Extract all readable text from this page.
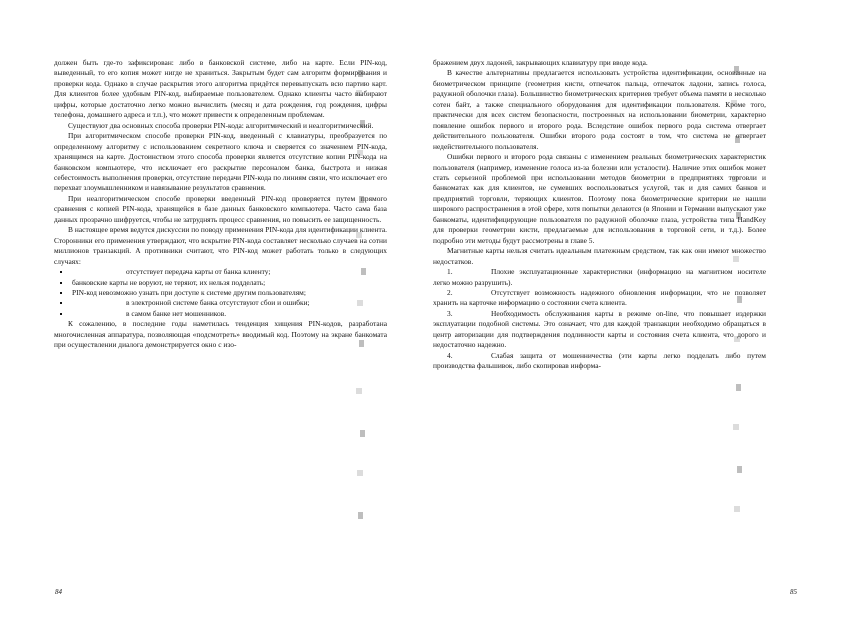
должен быть где-то зафиксирован: либо в банковской системе, либо на карте. Если PIN-код, выведенный, то его копия может нигде не храниться. Закрытым будет сам алгоритм формирования и проверки кода. Однако в случае раскрытия этого алгоритма придётся перевыпускать всю партию карт. Для клиентов более удобным PIN-код, выбираемые пользователем. Однако клиенты часто выбирают цифры, которые достаточно легко можно вычислить (месяц и дата рождения, год рождения, цифры телефона, домашнего адреса и т.п.), что может привести к определенным проблемам.

Существуют два основных способа проверки PIN-кода: алгоритмический и неалгоритмический.

При алгоритмическом способе проверки PIN-код, введенный с клавиатуры, преобразуется по определенному алгоритму с использованием секретного ключа и сверяется со значением PIN-кода, хранящимся на карте. Достоинством этого способа проверки является отсутствие копии PIN-кода на банковском компьютере, что исключает его раскрытие персоналом банка, быстрота и низкая себестоимость выполнения проверки, отсутствие передачи PIN-кода по линиям связи, что исключает его перехват злоумышленником и навязывание результатов сравнения.

При неалгоритмическом способе проверки введенный PIN-код проверяется путем прямого сравнения с копией PIN-кода, хранящейся в базе данных банковского компьютера. Часто сама база данных прозрачно шифруется, чтобы не затруднять процесс сравнения, но повысить ее защищенность.

В настоящее время ведутся дискуссии по поводу применения PIN-кода для идентификации клиента. Сторонники его применения утверждают, что вскрытие PIN-кода составляет несколько случаев на сотни миллионов транзакций. А противники считают, что PIN-код может работать только в следующих случаях:

отсутствует передача карты от банка клиенту;
банковские карты не воруют, не теряют, их нельзя подделать;
PIN-код невозможно узнать при доступе к системе другим пользователям;
в электронной системе банка отсутствуют сбои и ошибки;
в самом банке нет мошенников.

К сожалению, в последние годы наметилась тенденция хищения PIN-кодов, разработана многочисленная аппаратура, позволяющая «подсмотреть» вводимый код. Поэтому на экране банкомата при осуществлении диалога демонстрируется окно с изо-

бражением двух ладоней, закрывающих клавиатуру при вводе кода.

В качестве альтернативы предлагается использовать устройства идентификации, основанные на биометрическом принципе (геометрия кисти, отпечаток пальца, отпечаток ладони, запись голоса, радужной оболочки глаза). Большинство биометрических критериев требует объема памяти в несколько сотен байт, а также специального оборудования для идентификации пользователя. Кроме того, практически для всех систем безопасности, построенных на использовании биометрии, характерно появление ошибок первого и второго рода. Вследствие ошибок первого рода система отвергает действительного пользователя. Ошибки второго рода состоят в том, что система не отвергает недействительного пользователя.

Ошибки первого и второго рода связаны с изменением реальных биометрических характеристик пользователя (например, изменение голоса из-за болезни или усталости). Наличие этих ошибок может стать серьезной проблемой при использовании методов биометрии в предприятиях торговли и банкоматах как для клиентов, не сумевших воспользоваться услугой, так и для самих банков и предприятий торговли, теряющих клиентов. Поэтому пока биометрические критерии не нашли широкого распространения в этой сфере, хотя попытки делаются (в Японии и Германии выпускают уже банкоматы, идентифицирующие пользователя по радужной оболочке глаза, устройства типа HandKey для проверки геометрии кисти, предлагаемые для использования в торговой сети, и т.д.). Более подробно эти методы будут рассмотрены в главе 5.

Магнитные карты нельзя считать идеальным платежным средством, так как они имеют множество недостатков.

1.	Плохие эксплуатационные характеристики (информацию на магнитном носителе легко можно разрушить).
2.	Отсутствует возможность надежного обновления информации, что не позволяет хранить на карточке информацию о состоянии счета клиента.
3.	Необходимость обслуживания карты в режиме on-line, что повышает издержки эксплуатации подобной системы. Это означает, что для каждой транзакции необходимо обращаться в центр авторизации для подтверждения подлинности карты и состояния счета клиента, что дорого и недостаточно надежно.
4.	Слабая защита от мошенничества (эти карты легко подделать либо путем производства фальшивок, либо скопировав информа-
84	85
